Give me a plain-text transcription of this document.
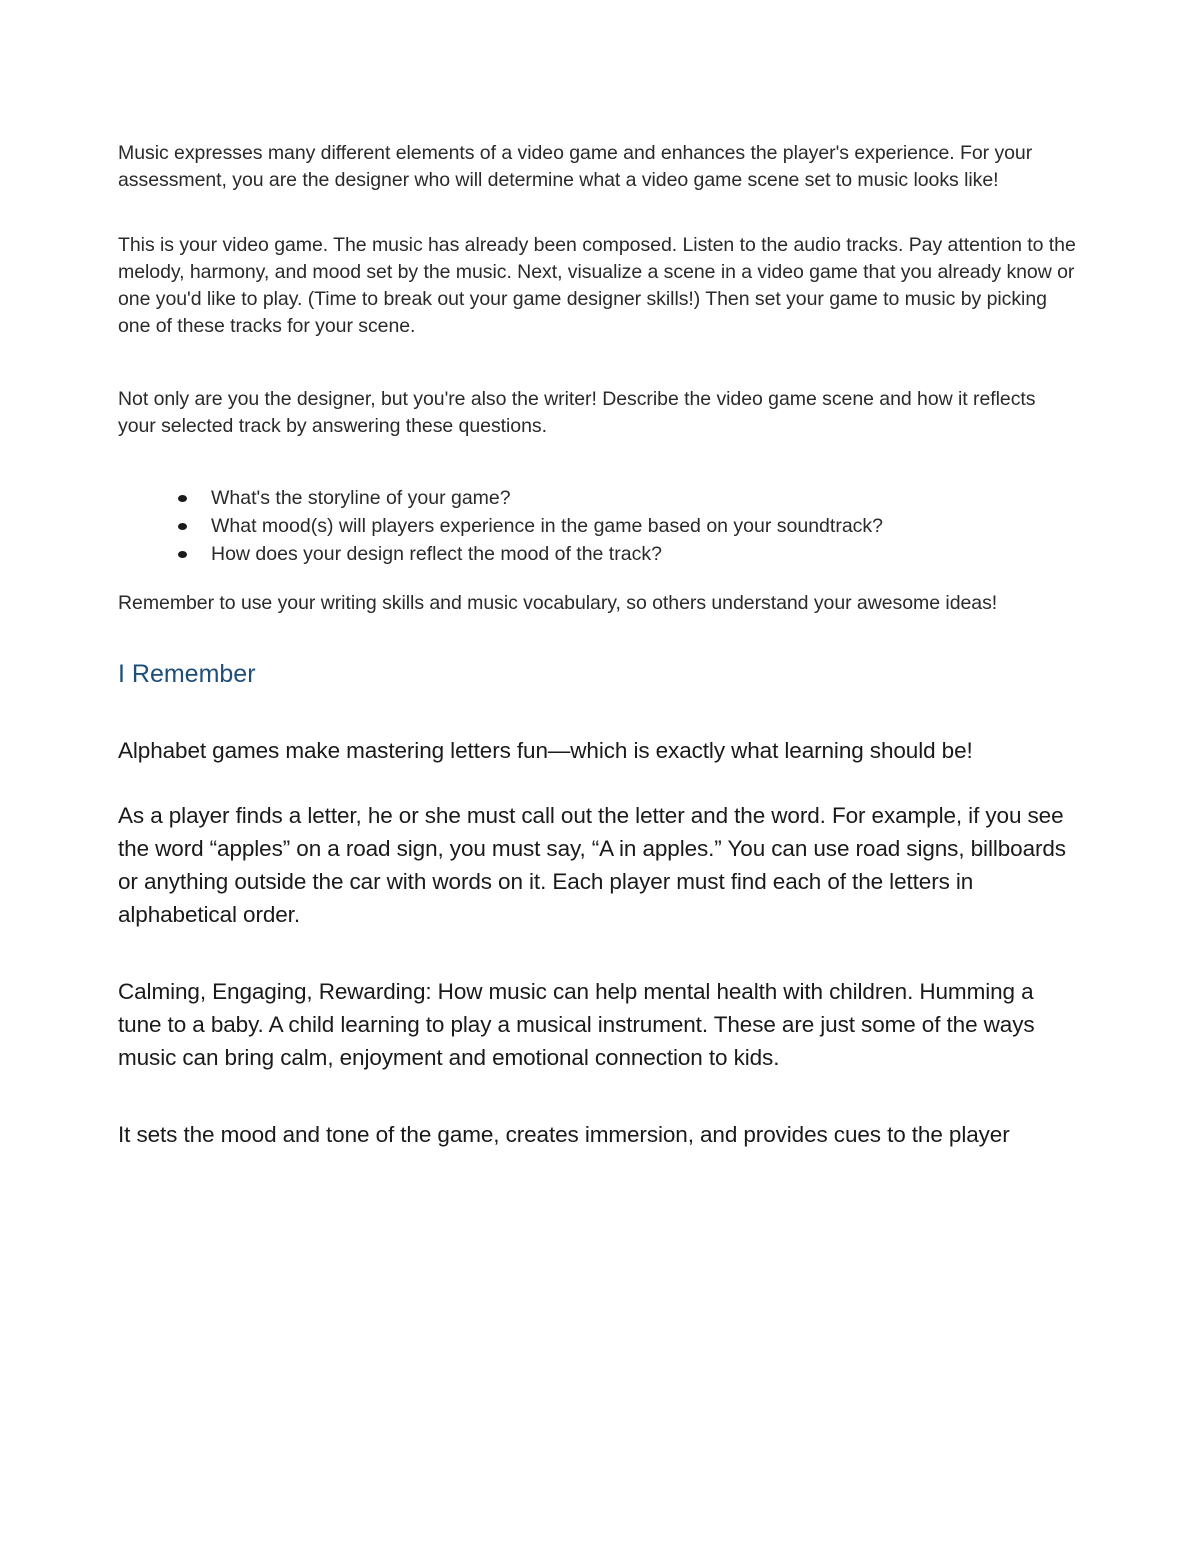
Music expresses many different elements of a video game and enhances the player's experience. For your assessment, you are the designer who will determine what a video game scene set to music looks like!

This is your video game. The music has already been composed. Listen to the audio tracks. Pay attention to the melody, harmony, and mood set by the music. Next, visualize a scene in a video game that you already know or one you'd like to play. (Time to break out your game designer skills!) Then set your game to music by picking one of these tracks for your scene.

Not only are you the designer, but you're also the writer! Describe the video game scene and how it reflects your selected track by answering these questions.

What's the storyline of your game?
What mood(s) will players experience in the game based on your soundtrack?
How does your design reflect the mood of the track?

Remember to use your writing skills and music vocabulary, so others understand your awesome ideas!

I Remember

Alphabet games make mastering letters fun—which is exactly what learning should be!

As a player finds a letter, he or she must call out the letter and the word. For example, if you see the word “apples” on a road sign, you must say, “A in apples.” You can use road signs, billboards or anything outside the car with words on it. Each player must find each of the letters in alphabetical order.

Calming, Engaging, Rewarding: How music can help mental health with children. Humming a tune to a baby. A child learning to play a musical instrument. These are just some of the ways music can bring calm, enjoyment and emotional connection to kids.

It sets the mood and tone of the game, creates immersion, and provides cues to the player
